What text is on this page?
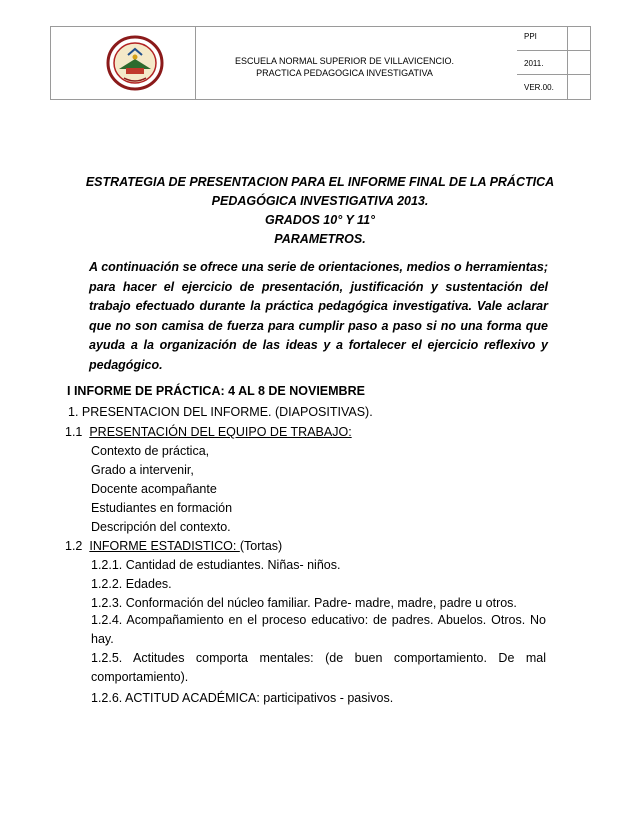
ESCUELA NORMAL SUPERIOR DE VILLAVICENCIO.
PRACTICA PEDAGOGICA INVESTIGATIVA
PPI
2011.
VER.00.
ESTRATEGIA DE PRESENTACION PARA EL INFORME FINAL DE LA PRÁCTICA
PEDAGÓGICA INVESTIGATIVA 2013.
GRADOS 10° Y 11°
PARAMETROS.
A continuación se ofrece una serie de orientaciones, medios o herramientas; para hacer el ejercicio de presentación, justificación y sustentación del trabajo efectuado durante la práctica pedagógica investigativa. Vale aclarar que no son camisa de fuerza para cumplir paso a paso si no una forma que ayuda a la organización de las ideas y a fortalecer el ejercicio reflexivo y pedagógico.
I INFORME DE PRÁCTICA: 4 AL 8 DE NOVIEMBRE
1. PRESENTACION DEL INFORME. (DIAPOSITIVAS).
1.1 PRESENTACIÓN DEL EQUIPO DE TRABAJO:
Contexto de práctica,
Grado a intervenir,
Docente acompañante
Estudiantes en formación
Descripción del contexto.
1.2 INFORME ESTADISTICO: (Tortas)
1.2.1. Cantidad de estudiantes. Niñas- niños.
1.2.2. Edades.
1.2.3. Conformación del núcleo familiar. Padre- madre, madre, padre u otros.
1.2.4. Acompañamiento en el proceso educativo: de padres. Abuelos. Otros. No hay.
1.2.5. Actitudes comporta mentales: (de buen comportamiento. De mal comportamiento).
1.2.6. ACTITUD ACADÉMICA: participativos - pasivos.
